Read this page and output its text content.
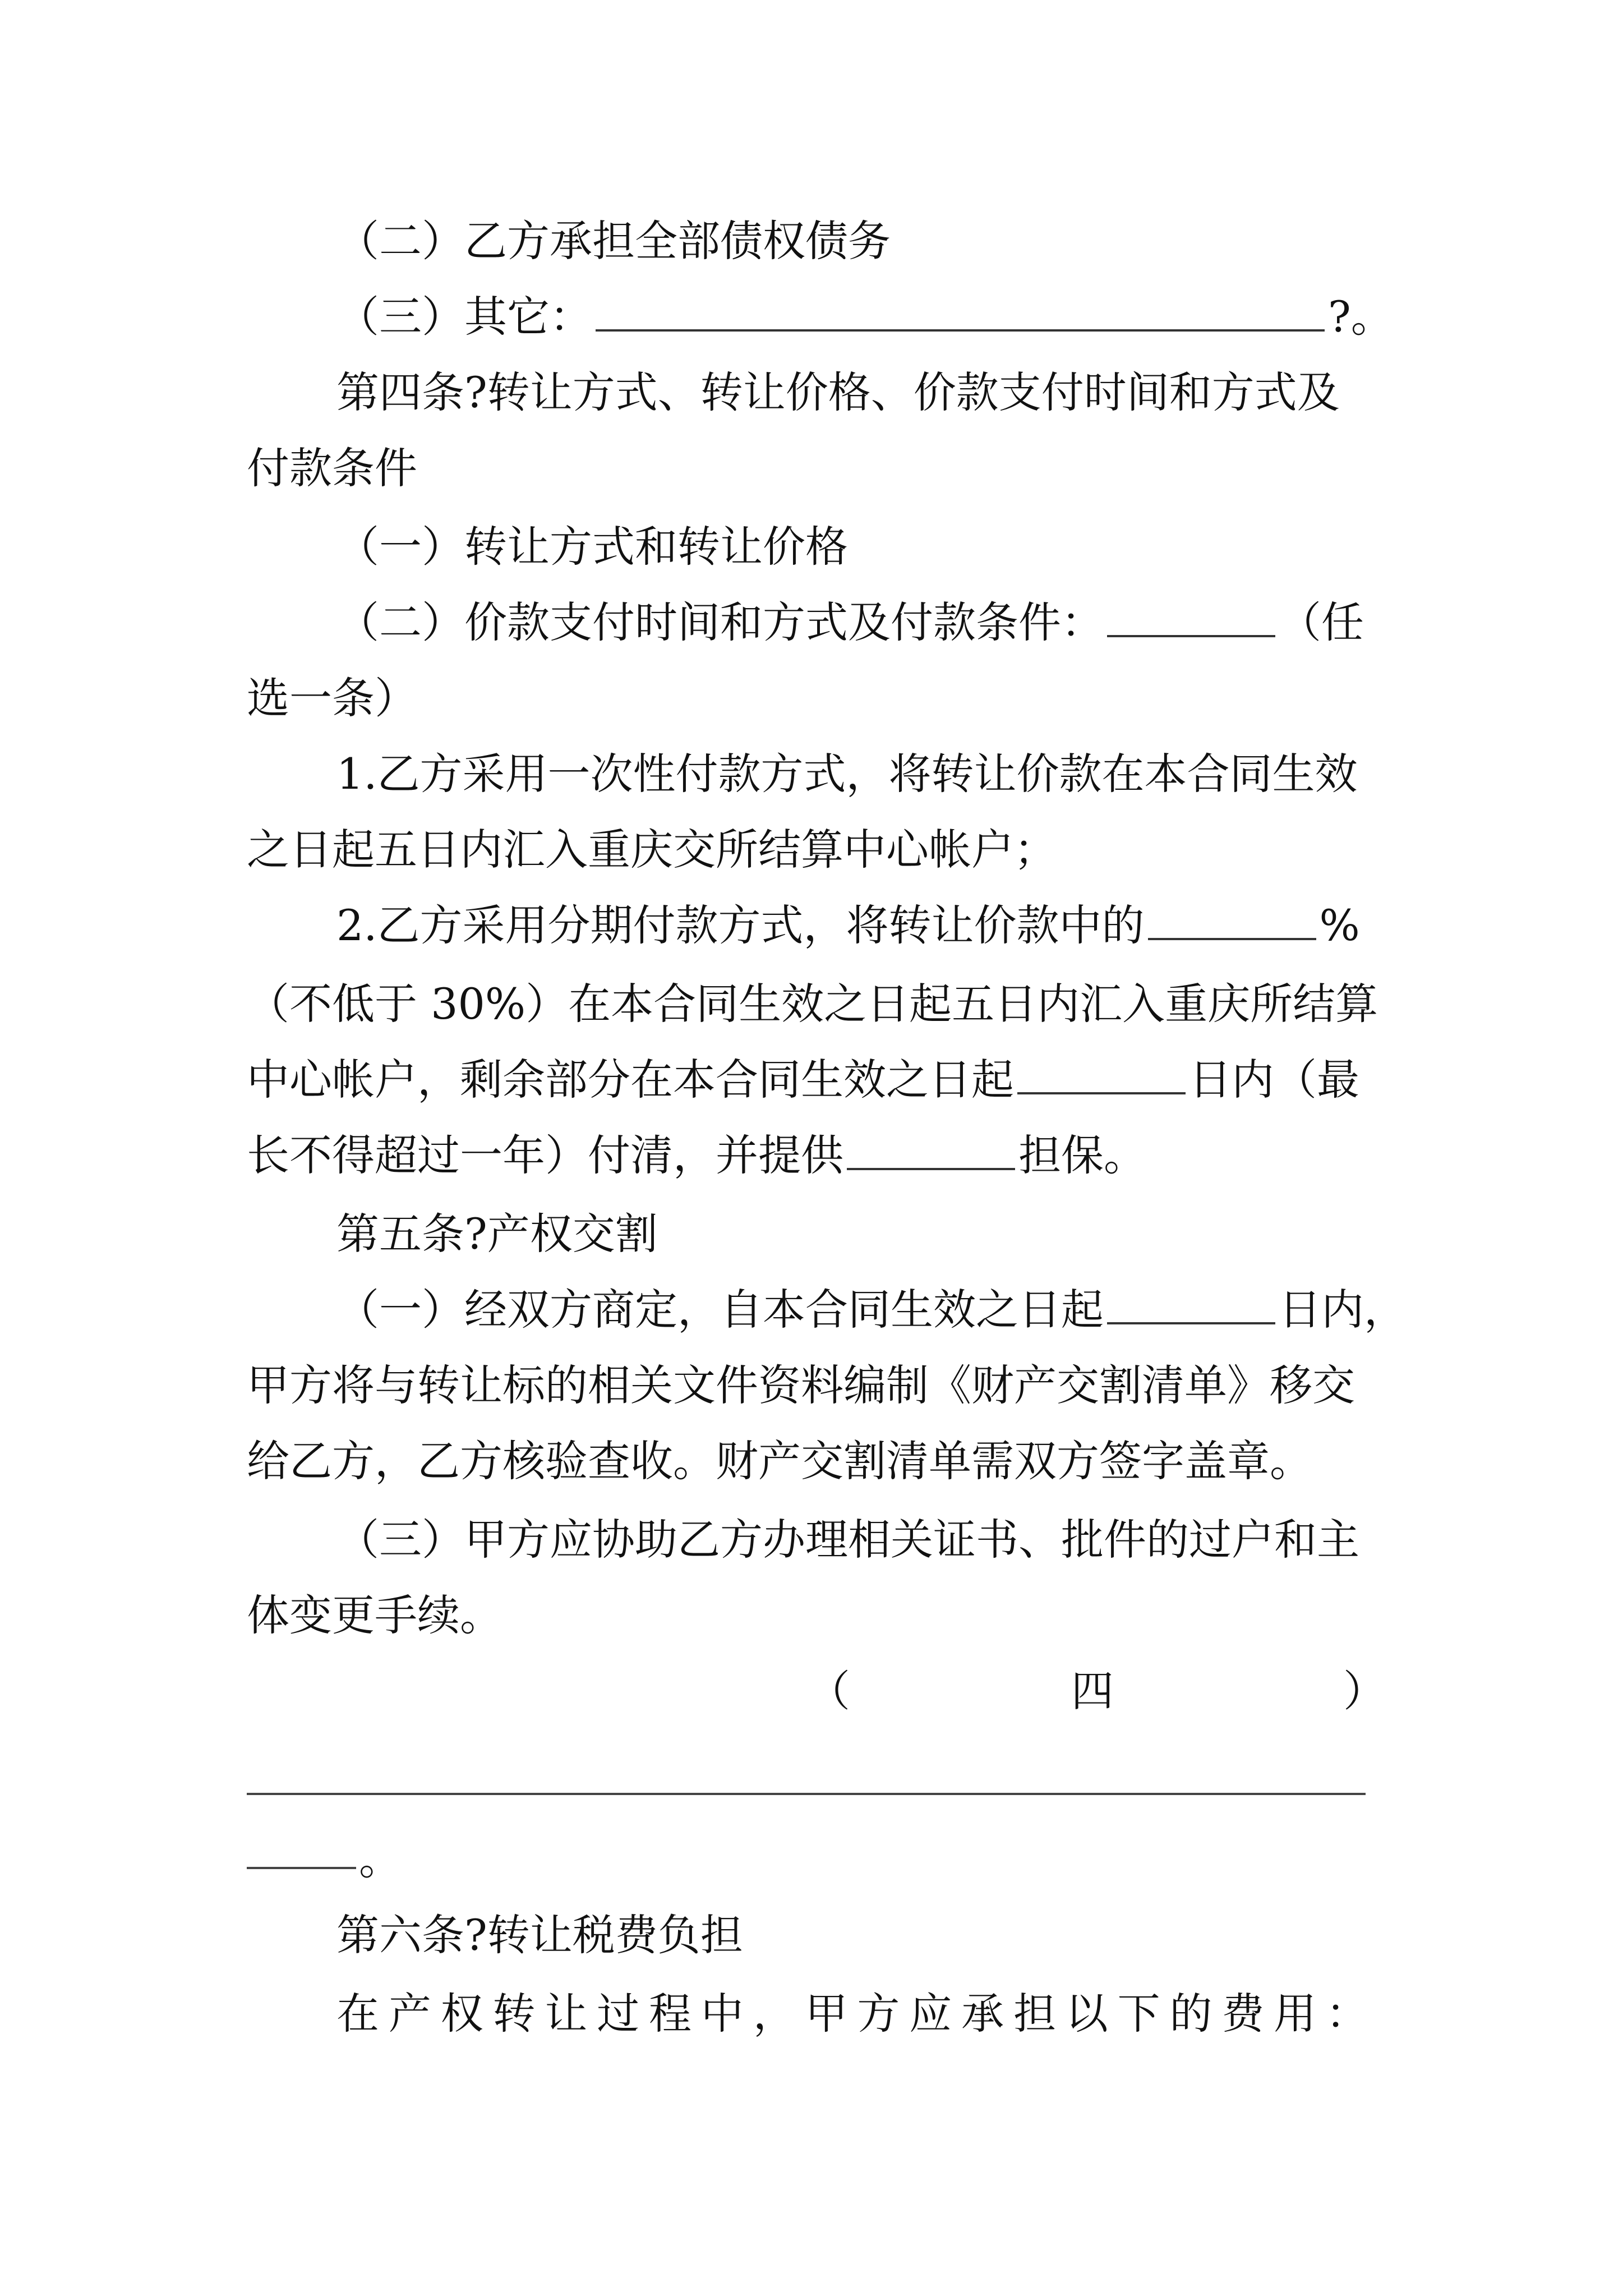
（二）乙方承担全部债权债务
（三）其它：	?。
第四条?转让方式、转让价格、价款支付时间和方式及
付款条件
（一）转让方式和转让价格
（二）价款支付时间和方式及付款条件：	（任
选一条）
1.乙方采用一次性付款方式，将转让价款在本合同生效
之日起五日内汇入重庆交所结算中心帐户；
2.乙方采用分期付款方式，将转让价款中的	%
（不低于 30%）在本合同生效之日起五日内汇入重庆所结算
中心帐户，剩余部分在本合同生效之日起	日内（最
长不得超过一年）付清，并提供	担保。
第五条?产权交割
（一）经双方商定，自本合同生效之日起	日内，
甲方将与转让标的相关文件资料编制《财产交割清单》移交
给乙方，乙方核验查收。财产交割清单需双方签字盖章。
（三）甲方应协助乙方办理相关证书、批件的过户和主
体变更手续。
（	四	）
。
第六条?转让税费负担
在产权转让过程中，甲方应承担以下的费用：
